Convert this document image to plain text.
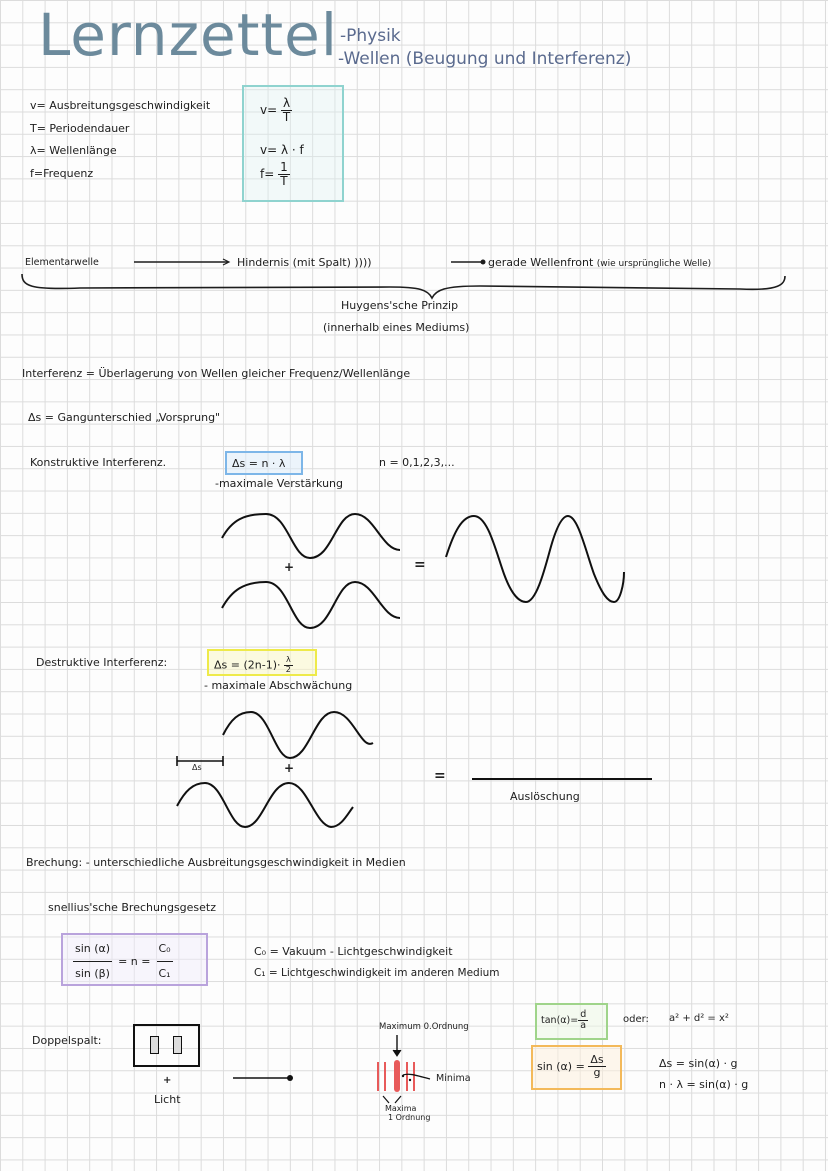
Lernzettel -Physik
-Wellen (Beugung und Interferenz)
v= Ausbreitungsgeschwindigkeit
T= Periodendauer
λ= Wellenlänge
f=Frequenz
$v= \frac{\lambda}{T}$
v= λ · f
$f= \frac{1}{T}$
Elementarwelle	Hindernis (mit Spalt) ))))	gerade Wellenfront (wie ursprüngliche Welle)
Huygens'sche Prinzip
(innerhalb eines Mediums)
Interferenz = Überlagerung von Wellen gleicher Frequenz/Wellenlänge
Δs = Gangunterschied „Vorsprung"
Konstruktive Interferenz.	Δs = n · λ	n = 0,1,2,3,...
-maximale Verstärkung
+	=
Destruktive Interferenz:	$\Delta s = (2n-1)\cdot \frac{\lambda}{2}$
- maximale Abschwächung
Δs	+	=
Auslöschung
Brechung: - unterschiedliche Ausbreitungsgeschwindigkeit in Medien
snellius'sche Brechungsgesetz
$\frac{\sin (\alpha)}{\sin (\beta)} = n = \frac{\text{C₀}}{\text{C₁}}$	C₀ = Vakuum - Lichtgeschwindigkeit
C₁ = Lichtgeschwindigkeit im anderen Medium
Doppelspalt:
+
Licht
Maximum 0.Ordnung
Minima
Maxima
1 Ordnung
$\tan(\alpha)= \frac{d}{a}$	oder: a² + d² = x²
sin (α) =
$\frac{\Delta s}{g}$	Δs = sin(α) · g
n · λ = sin(α) · g
